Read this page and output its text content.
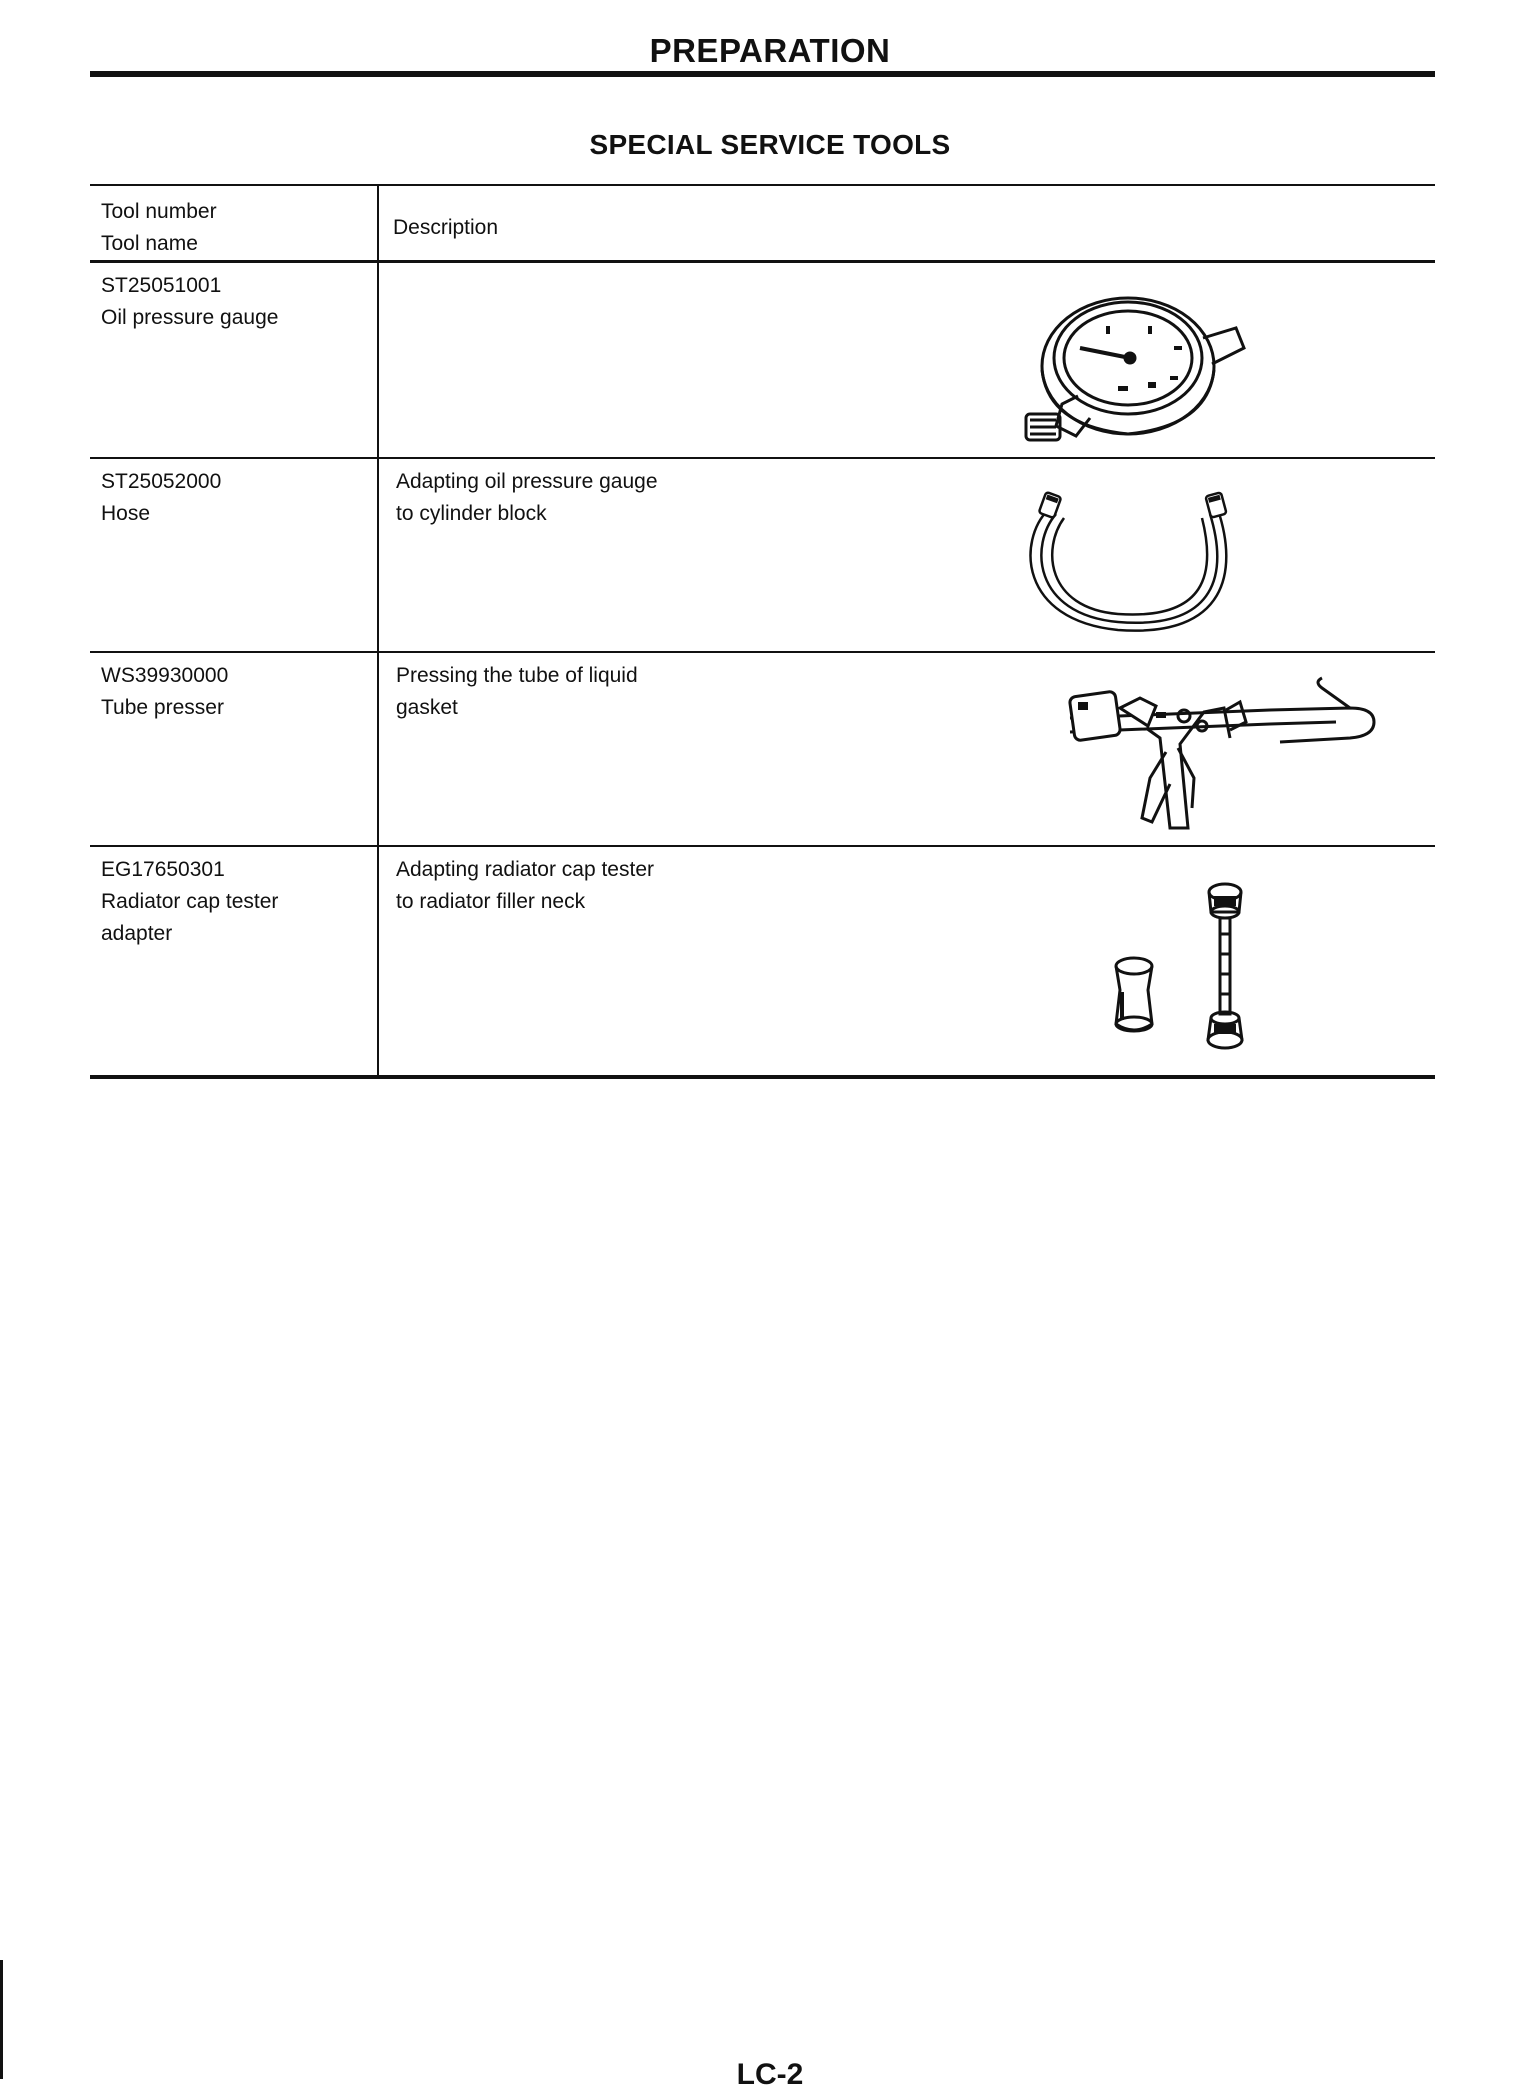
PREPARATION
SPECIAL SERVICE TOOLS
Tool number
Tool name
Description
ST25051001
Oil pressure gauge
ST25052000
Hose
Adapting oil pressure gauge
to cylinder block
WS39930000
Tube presser
Pressing the tube of liquid
gasket
EG17650301
Radiator cap tester
adapter
Adapting radiator cap tester
to radiator filler neck
LC-2
